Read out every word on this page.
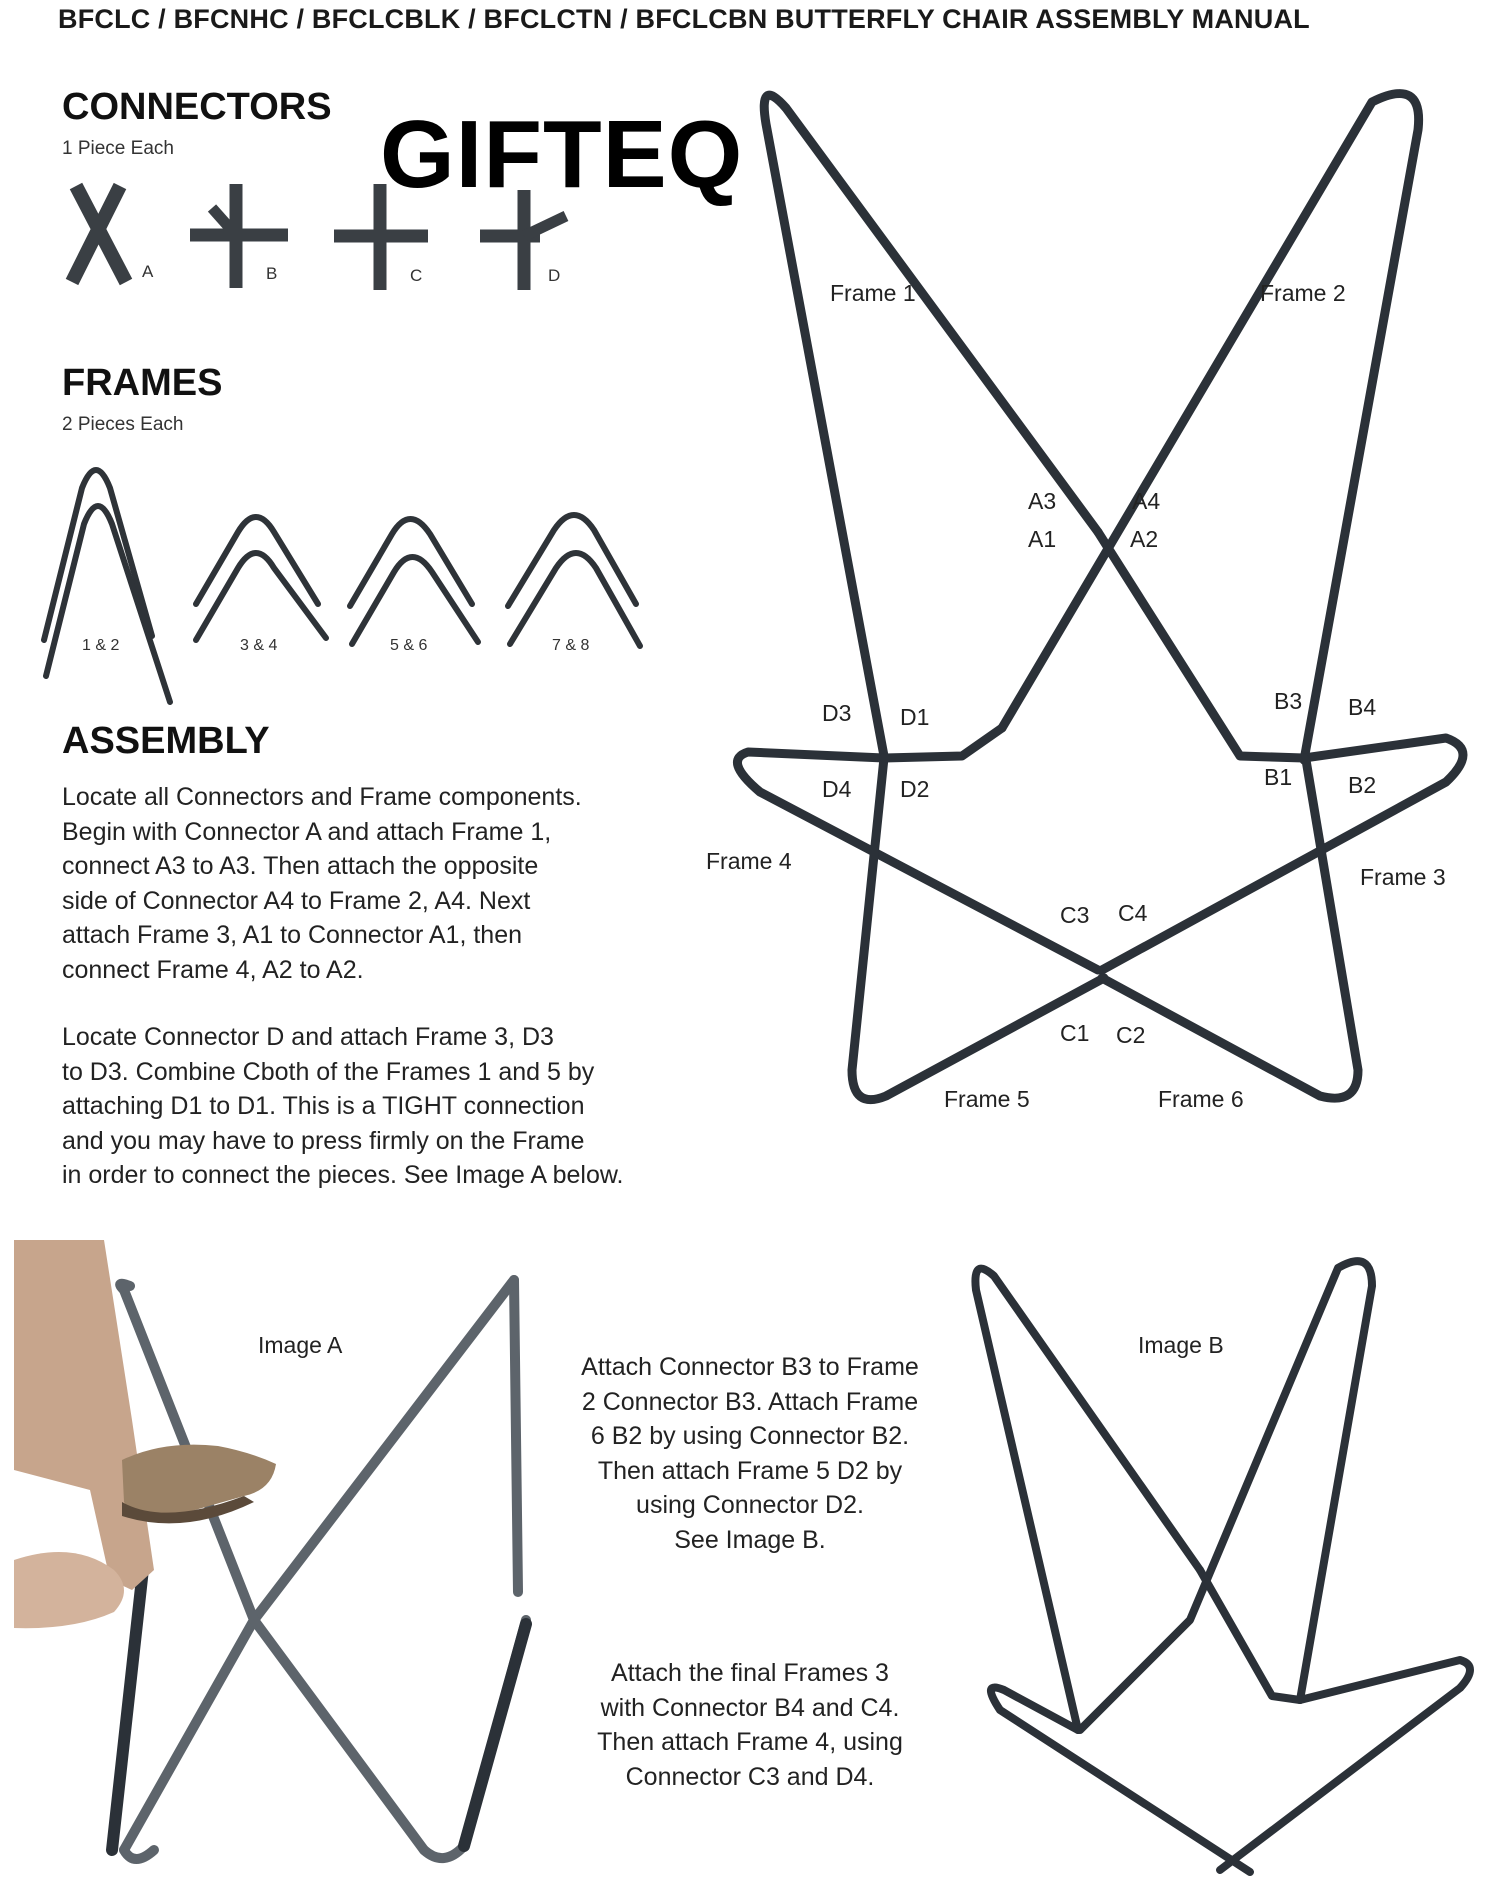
BFCLC / BFCNHC / BFCLCBLK / BFCLCTN / BFCLCBN BUTTERFLY CHAIR ASSEMBLY MANUAL
GIFTEQ
CONNECTORS
1 Piece Each
A	B	C	D
FRAMES
2 Pieces Each
1 & 2	3 & 4	5 & 6	7 & 8
ASSEMBLY
Locate all Connectors and Frame components.
Begin with Connector A and attach Frame 1,
connect A3 to A3. Then attach the opposite
side of Connector A4 to Frame 2, A4. Next
attach Frame 3, A1 to Connector A1, then
connect Frame 4, A2 to A2.
Locate Connector D and attach Frame 3, D3
to D3. Combine Cboth of the Frames 1 and 5 by
attaching D1 to D1. This is a TIGHT connection
and you may have to press firmly on the Frame
in order to connect the pieces. See Image A below.
Frame 1	Frame 2
Frame 3
Frame 4
Frame 5	Frame 6
A3	A4
A1	A2
D3 D1
D4 D2
B3 B4
B1 B2
C3 C4
C1 C2
Image A
Attach Connector B3 to Frame
2 Connector B3. Attach Frame
6 B2 by using Connector B2.
Then attach Frame 5 D2 by
using Connector D2.
See Image B.
Attach the final Frames 3
with Connector B4 and C4.
Then attach Frame 4, using
Connector C3 and D4.
Image B
